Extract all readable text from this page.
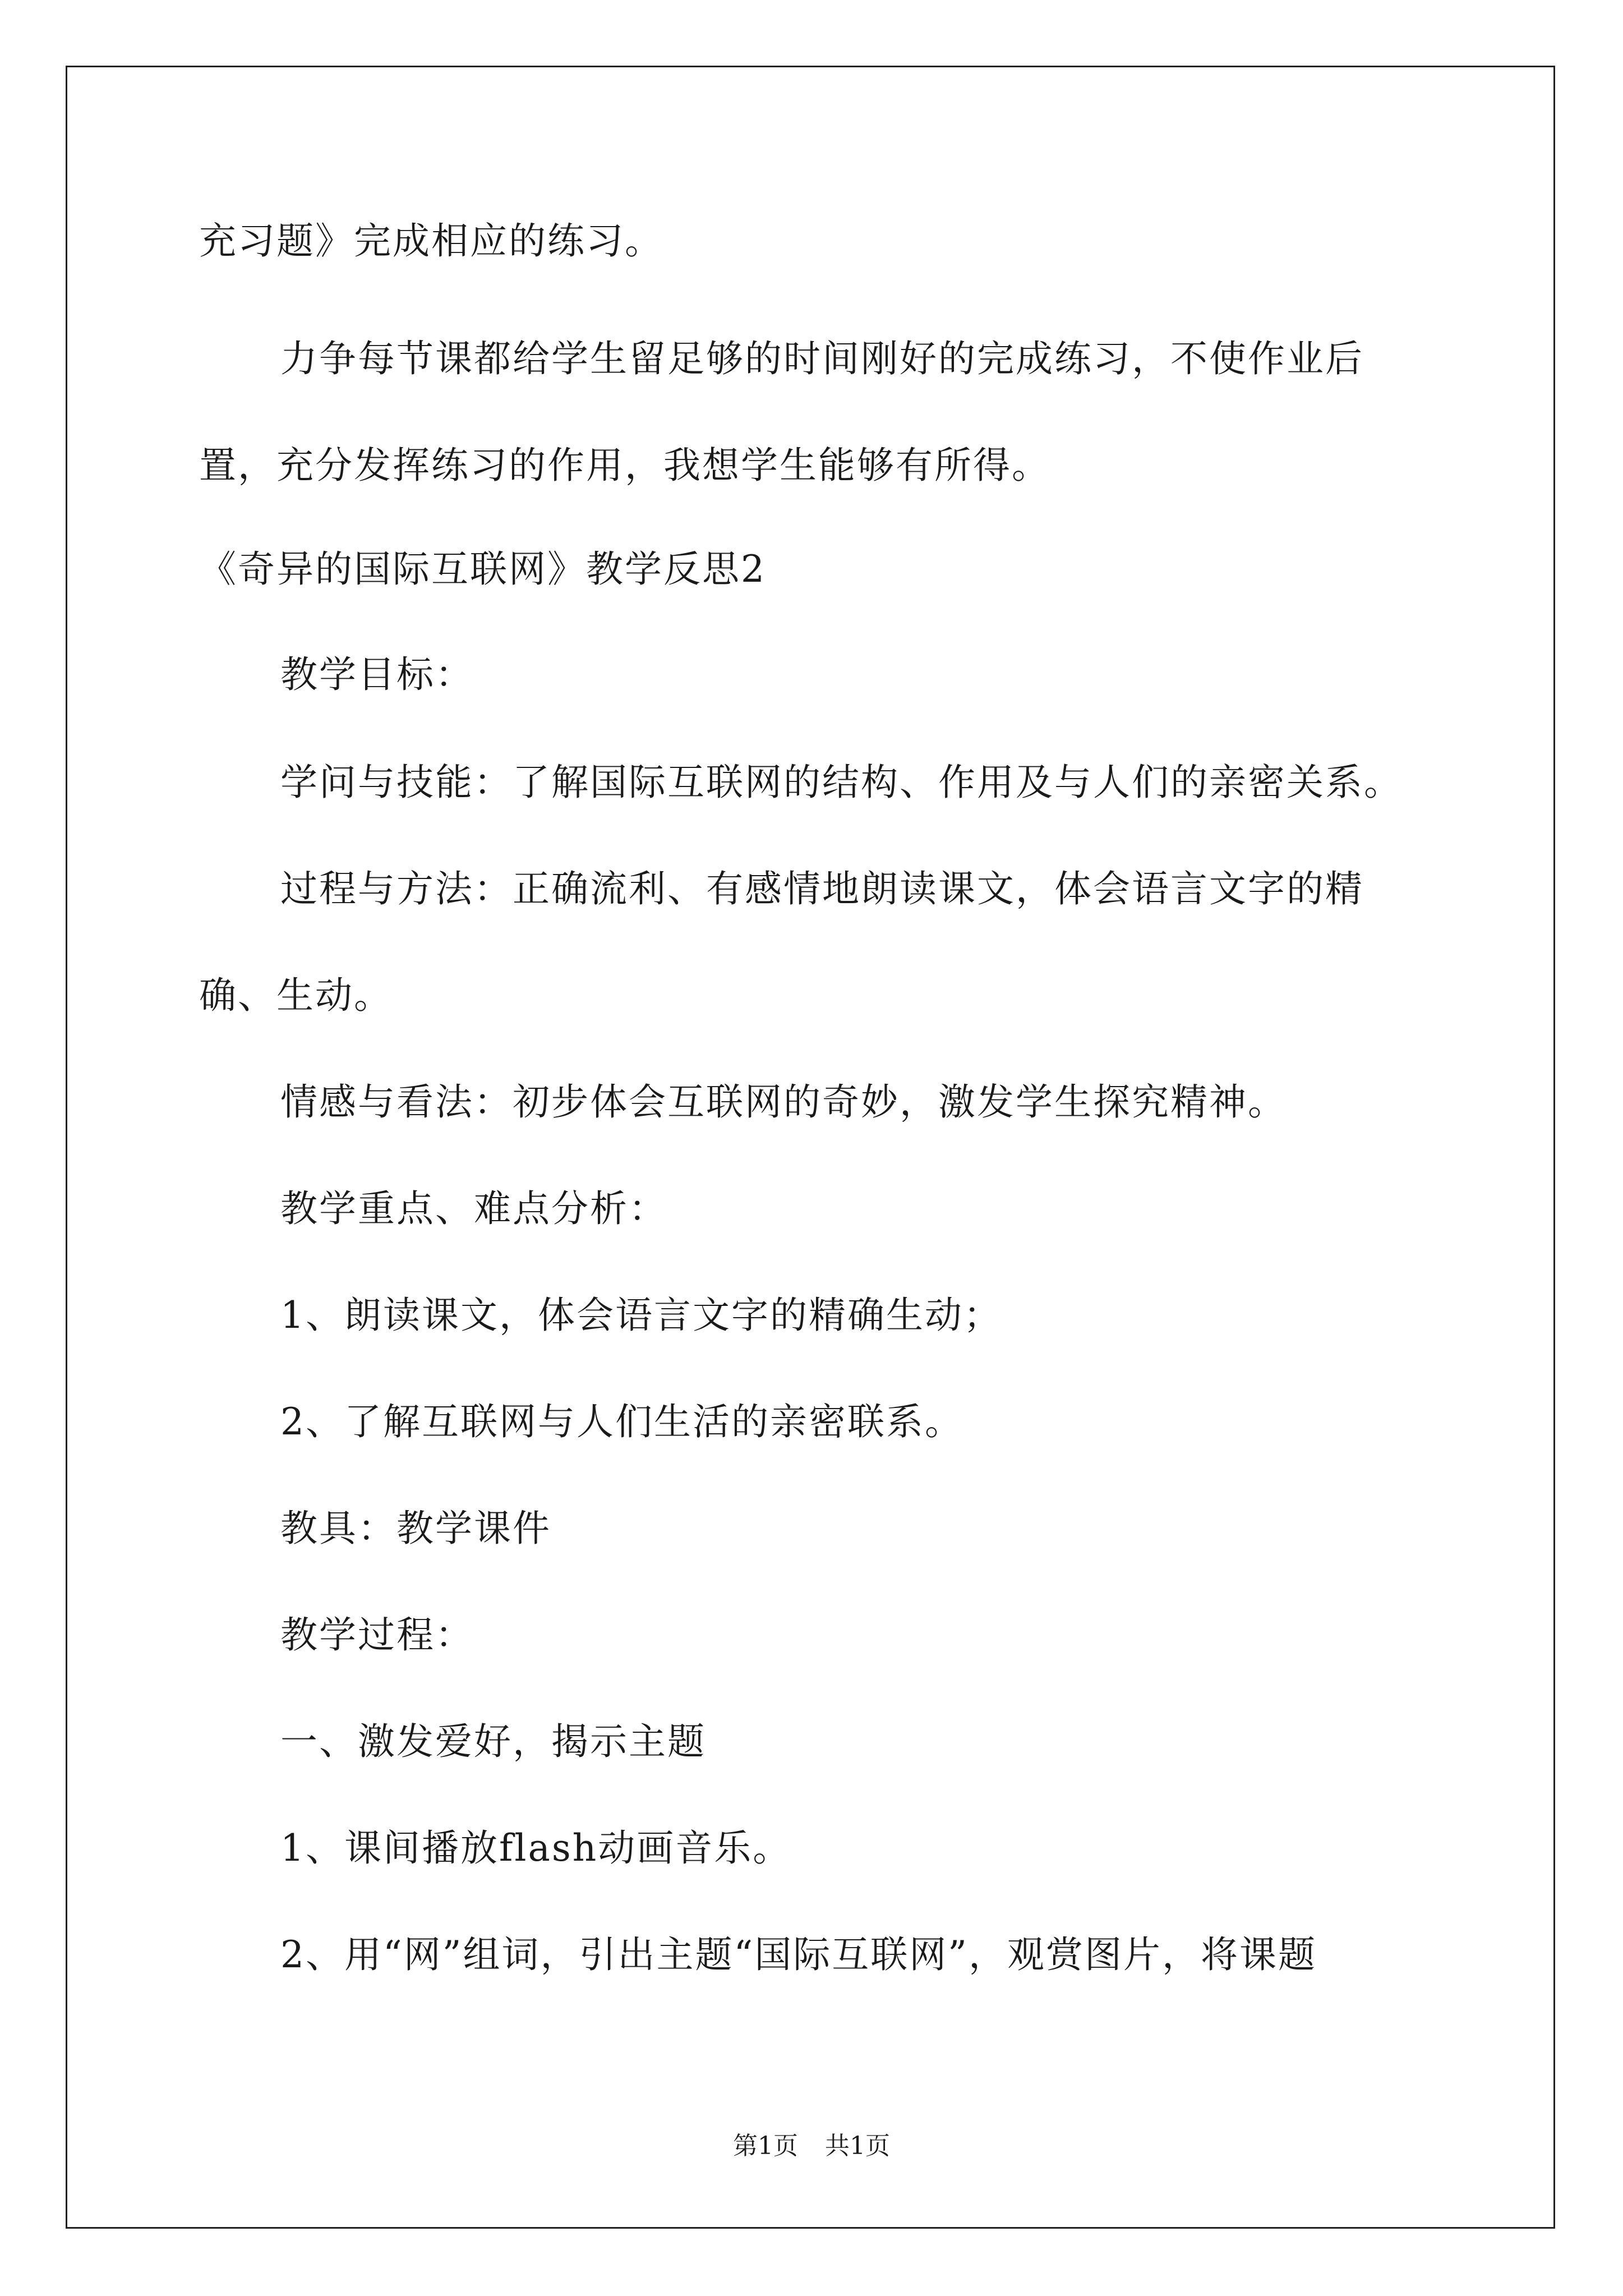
充习题》完成相应的练习。
力争每节课都给学生留足够的时间刚好的完成练习，不使作业后
置，充分发挥练习的作用，我想学生能够有所得。
《奇异的国际互联网》教学反思2
教学目标：
学问与技能：了解国际互联网的结构、作用及与人们的亲密关系。
过程与方法：正确流利、有感情地朗读课文，体会语言文字的精
确、生动。
情感与看法：初步体会互联网的奇妙，激发学生探究精神。
教学重点、难点分析：
1、朗读课文，体会语言文字的精确生动；
2、了解互联网与人们生活的亲密联系。
教具：教学课件
教学过程：
一、激发爱好，揭示主题
1、课间播放flash动画音乐。
2、用“网”组词，引出主题“国际互联网”，观赏图片，将课题
第1页 共1页
